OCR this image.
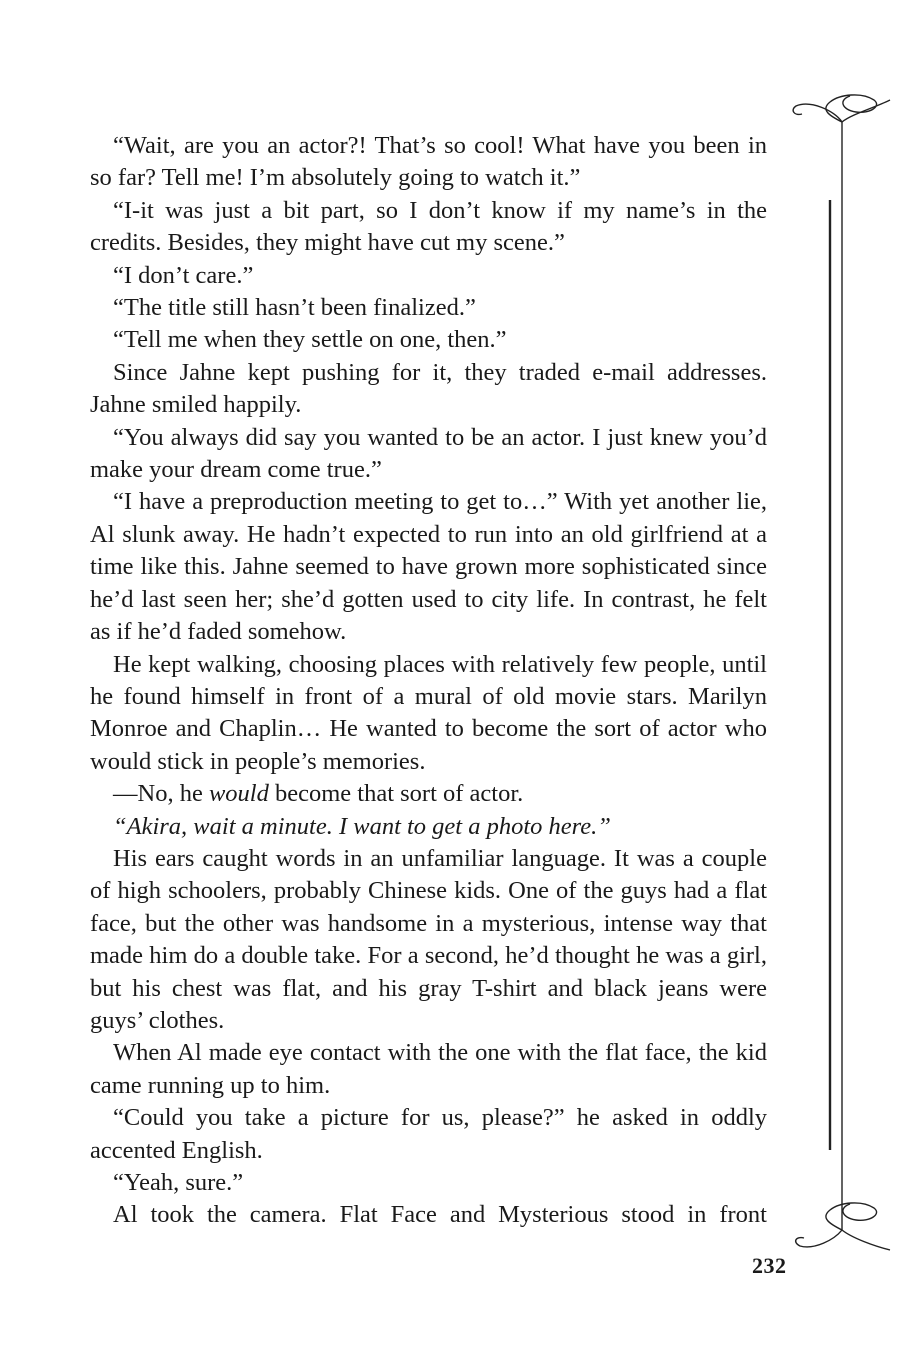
“Wait, are you an actor?! That’s so cool! What have you been in so far? Tell me! I’m absolutely going to watch it.”

“I-it was just a bit part, so I don’t know if my name’s in the credits. Besides, they might have cut my scene.”

“I don’t care.”

“The title still hasn’t been finalized.”

“Tell me when they settle on one, then.”

Since Jahne kept pushing for it, they traded e-mail addresses. Jahne smiled happily.

“You always did say you wanted to be an actor. I just knew you’d make your dream come true.”

“I have a preproduction meeting to get to…” With yet another lie, Al slunk away. He hadn’t expected to run into an old girlfriend at a time like this. Jahne seemed to have grown more sophisticated since he’d last seen her; she’d gotten used to city life. In contrast, he felt as if he’d faded somehow.

He kept walking, choosing places with relatively few people, until he found himself in front of a mural of old movie stars. Marilyn Monroe and Chaplin… He wanted to become the sort of actor who would stick in people’s memories.

—No, he would become that sort of actor.

“Akira, wait a minute. I want to get a photo here.”

His ears caught words in an unfamiliar language. It was a couple of high schoolers, probably Chinese kids. One of the guys had a flat face, but the other was handsome in a mysterious, intense way that made him do a double take. For a second, he’d thought he was a girl, but his chest was flat, and his gray T-shirt and black jeans were guys’ clothes.

When Al made eye contact with the one with the flat face, the kid came running up to him.

“Could you take a picture for us, please?” he asked in oddly accented English.

“Yeah, sure.”

Al took the camera. Flat Face and Mysterious stood in front

232
